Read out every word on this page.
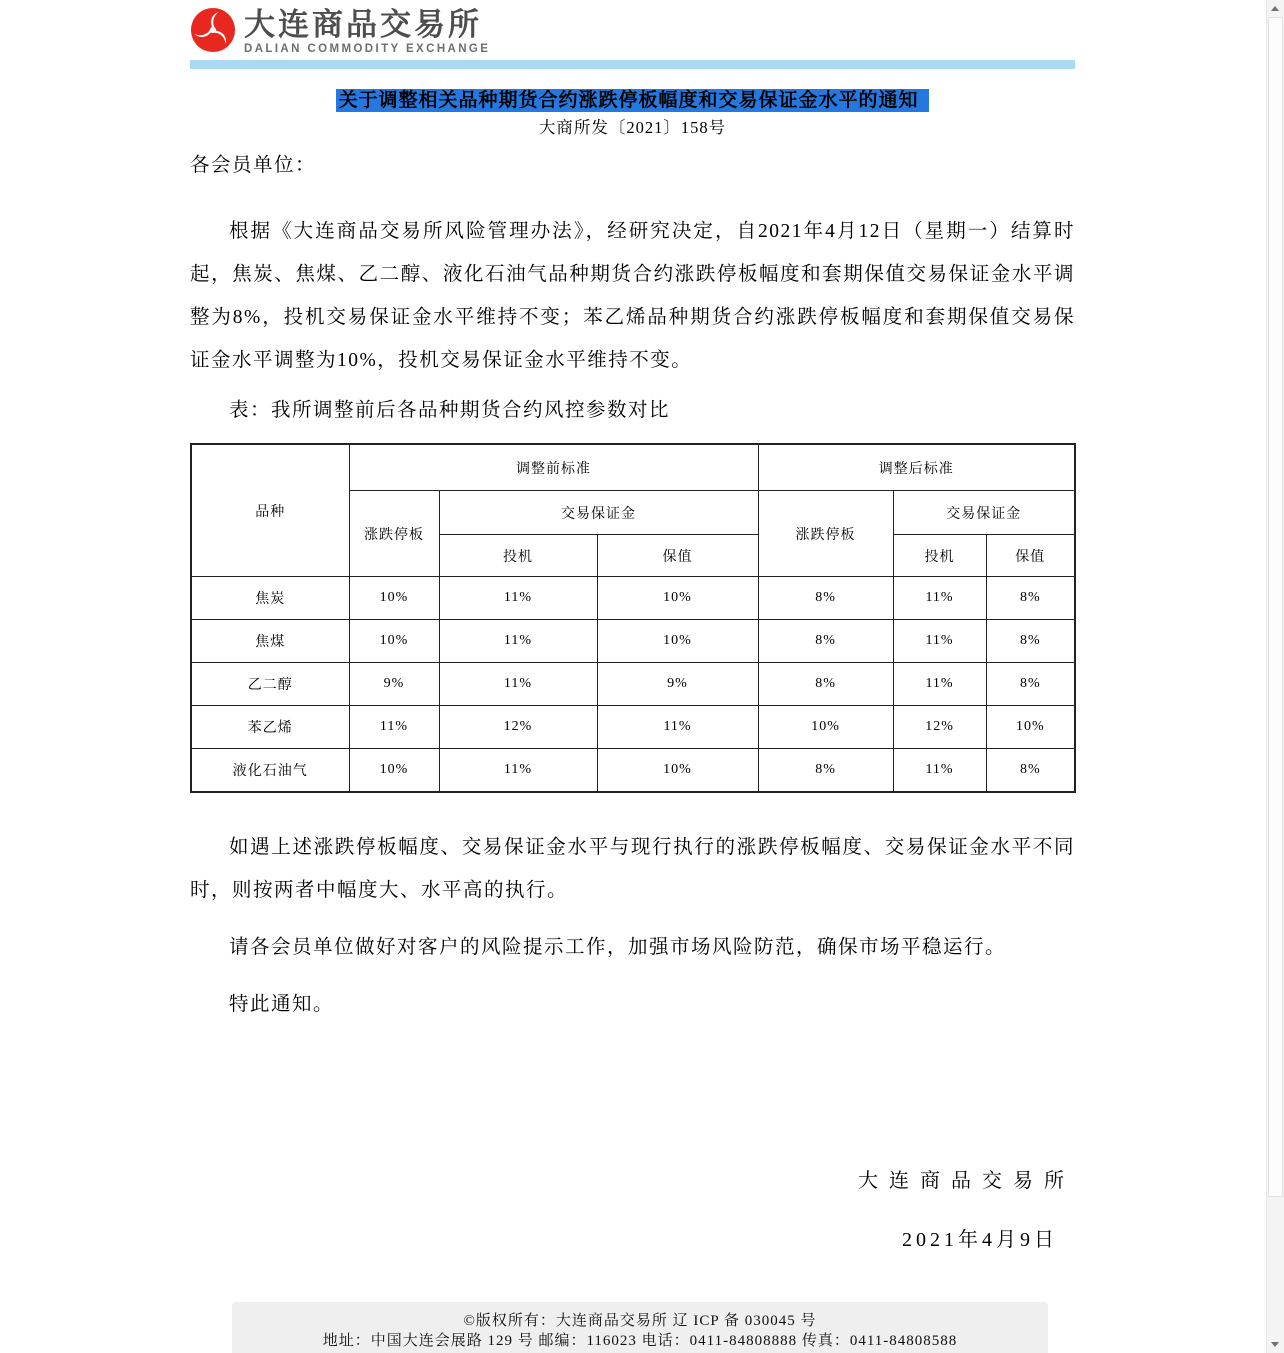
大连商品交易所
DALIAN COMMODITY EXCHANGE
关于调整相关品种期货合约涨跌停板幅度和交易保证金水平的通知
大商所发〔2021〕158号
各会员单位：

根据《大连商品交易所风险管理办法》，经研究决定，自2021年4月12日（星期一）结算时起，焦炭、焦煤、乙二醇、液化石油气品种期货合约涨跌停板幅度和套期保值交易保证金水平调整为8%，投机交易保证金水平维持不变；苯乙烯品种期货合约涨跌停板幅度和套期保值交易保证金水平调整为10%，投机交易保证金水平维持不变。

表：我所调整前后各品种期货合约风控参数对比

品种	调整前标准			调整后标准		
	涨跌停板	交易保证金		涨跌停板	交易保证金	
		投机	保值		投机	保值
焦炭	10%	11%	10%	8%	11%	8%
焦煤	10%	11%	10%	8%	11%	8%
乙二醇	9%	11%	9%	8%	11%	8%
苯乙烯	11%	12%	11%	10%	12%	10%
液化石油气	10%	11%	10%	8%	11%	8%

如遇上述涨跌停板幅度、交易保证金水平与现行执行的涨跌停板幅度、交易保证金水平不同时，则按两者中幅度大、水平高的执行。

请各会员单位做好对客户的风险提示工作，加强市场风险防范，确保市场平稳运行。

特此通知。

大连商品交易所
2021年4月9日
©版权所有：大连商品交易所 辽 ICP 备 030045 号
地址：中国大连会展路 129 号 邮编：116023 电话：0411-84808888 传真：0411-84808588
